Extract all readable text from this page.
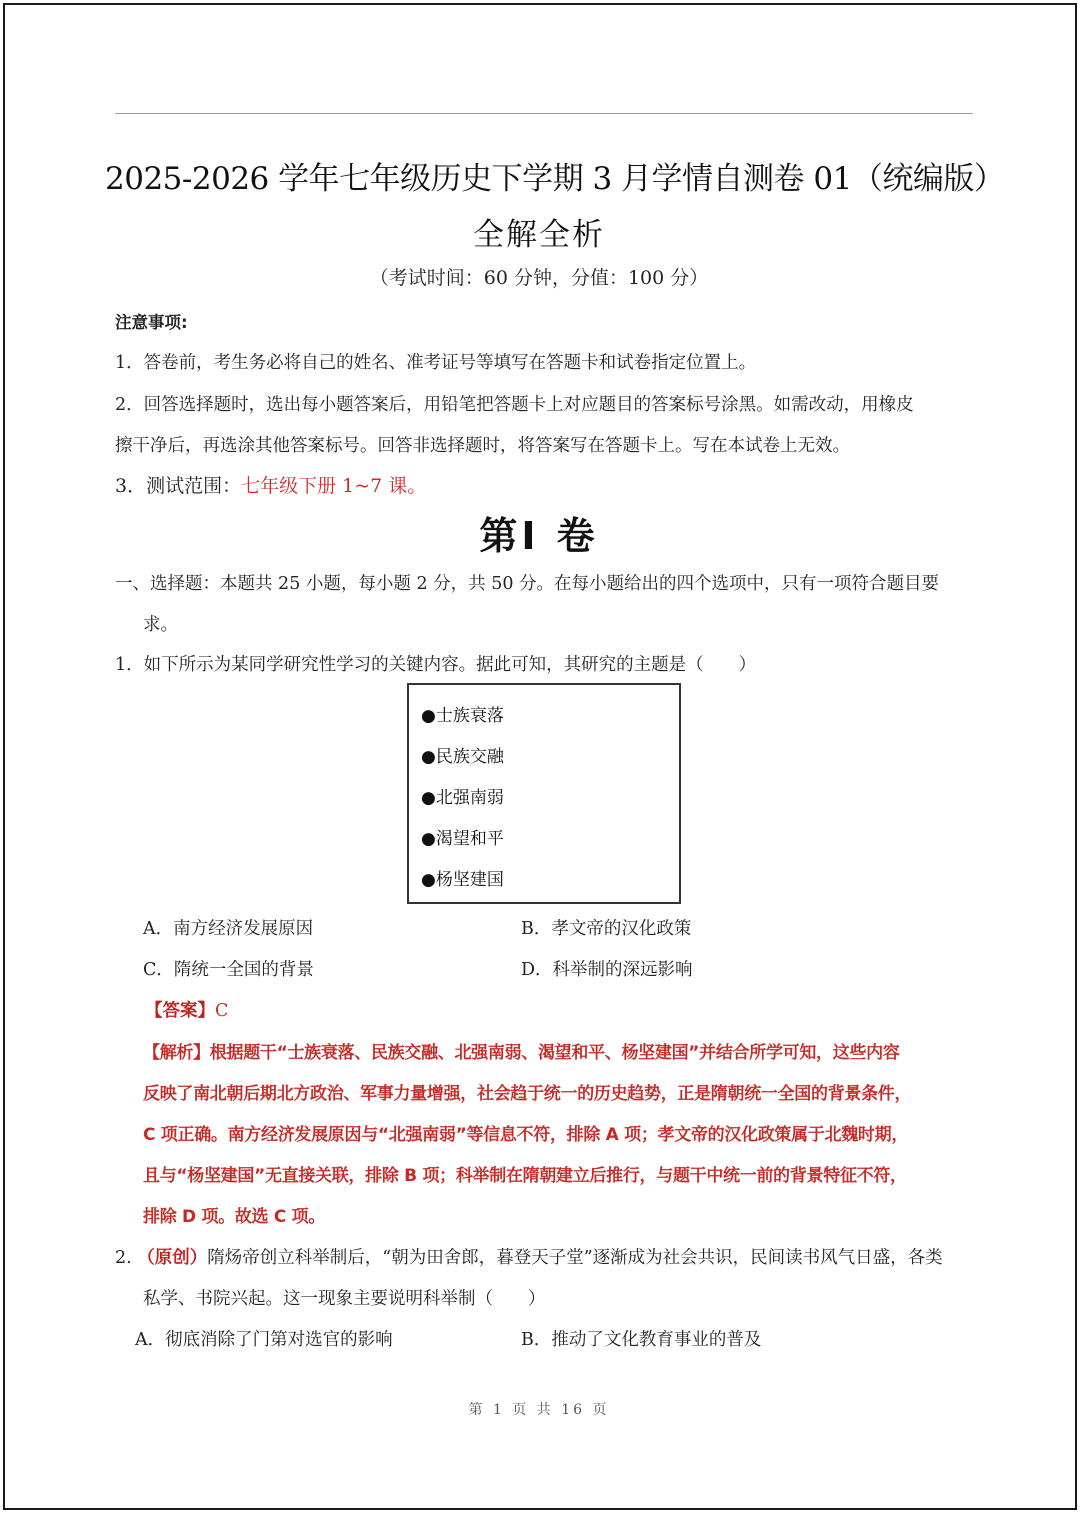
2025-2026 学年七年级历史下学期 3 月学情自测卷 01（统编版）
全解全析
（考试时间：60 分钟，分值：100 分）
注意事项:
1．答卷前，考生务必将自己的姓名、准考证号等填写在答题卡和试卷指定位置上。
2．回答选择题时，选出每小题答案后，用铅笔把答题卡上对应题目的答案标号涂黑。如需改动，用橡皮
擦干净后，再选涂其他答案标号。回答非选择题时，将答案写在答题卡上。写在本试卷上无效。
3．测试范围：七年级下册 1~7 课。
第Ⅰ 卷
一、选择题：本题共 25 小题，每小题 2 分，共 50 分。在每小题给出的四个选项中，只有一项符合题目要
求。
1．如下所示为某同学研究性学习的关键内容。据此可知，其研究的主题是（　　）
●士族衰落
●民族交融
●北强南弱
●渴望和平
●杨坚建国
A．南方经济发展原因	B．孝文帝的汉化政策
C．隋统一全国的背景	D．科举制的深远影响
【答案】C
【解析】根据题干“士族衰落、民族交融、北强南弱、渴望和平、杨坚建国”并结合所学可知，这些内容
反映了南北朝后期北方政治、军事力量增强，社会趋于统一的历史趋势，正是隋朝统一全国的背景条件，
C 项正确。南方经济发展原因与“北强南弱”等信息不符，排除 A 项；孝文帝的汉化政策属于北魏时期，
且与“杨坚建国”无直接关联，排除 B 项；科举制在隋朝建立后推行，与题干中统一前的背景特征不符，
排除 D 项。故选 C 项。
2. （原创）隋炀帝创立科举制后，“朝为田舍郎，暮登天子堂”逐渐成为社会共识，民间读书风气日盛，各类
私学、书院兴起。这一现象主要说明科举制（　　）
A．彻底消除了门第对选官的影响	B．推动了文化教育事业的普及
第 1 页 共 16 页
